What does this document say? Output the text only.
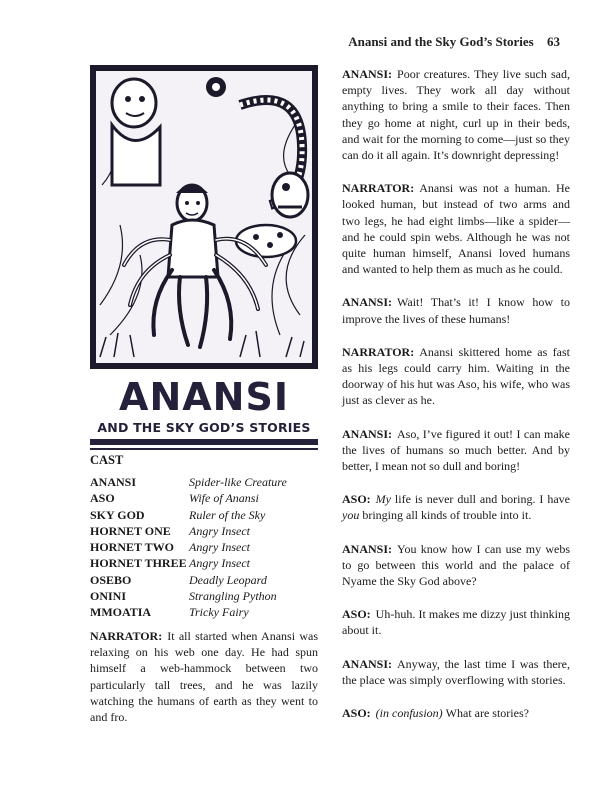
Anansi and the Sky God’s Stories 63
ANANSI
AND THE SKY GOD’S STORIES
CAST
ANANSI	Spider-like Creature
ASO	Wife of Anansi
SKY GOD	Ruler of the Sky
HORNET ONE	Angry Insect
HORNET TWO	Angry Insect
HORNET THREE Angry Insect
OSEBO	Deadly Leopard
ONINI	Strangling Python
MMOATIA	Tricky Fairy

NARRATOR: It all started when Anansi was relaxing on his web one day. He had spun himself a web-hammock between two particularly tall trees, and he was lazily watching the humans of earth as they went to and fro.

ANANSI: Poor creatures. They live such sad, empty lives. They work all day without anything to bring a smile to their faces. Then they go home at night, curl up in their beds, and wait for the morning to come—just so they can do it all again. It’s downright depressing!

NARRATOR: Anansi was not a human. He looked human, but instead of two arms and two legs, he had eight limbs—like a spider—and he could spin webs. Although he was not quite human himself, Anansi loved humans and wanted to help them as much as he could.

ANANSI: Wait! That’s it! I know how to improve the lives of these humans!

NARRATOR: Anansi skittered home as fast as his legs could carry him. Waiting in the doorway of his hut was Aso, his wife, who was just as clever as he.

ANANSI: Aso, I’ve figured it out! I can make the lives of humans so much better. And by better, I mean not so dull and boring!

ASO: My life is never dull and boring. I have you bringing all kinds of trouble into it.

ANANSI: You know how I can use my webs to go between this world and the palace of Nyame the Sky God above?

ASO: Uh-huh. It makes me dizzy just thinking about it.

ANANSI: Anyway, the last time I was there, the place was simply overflowing with stories.

ASO: (in confusion) What are stories?
